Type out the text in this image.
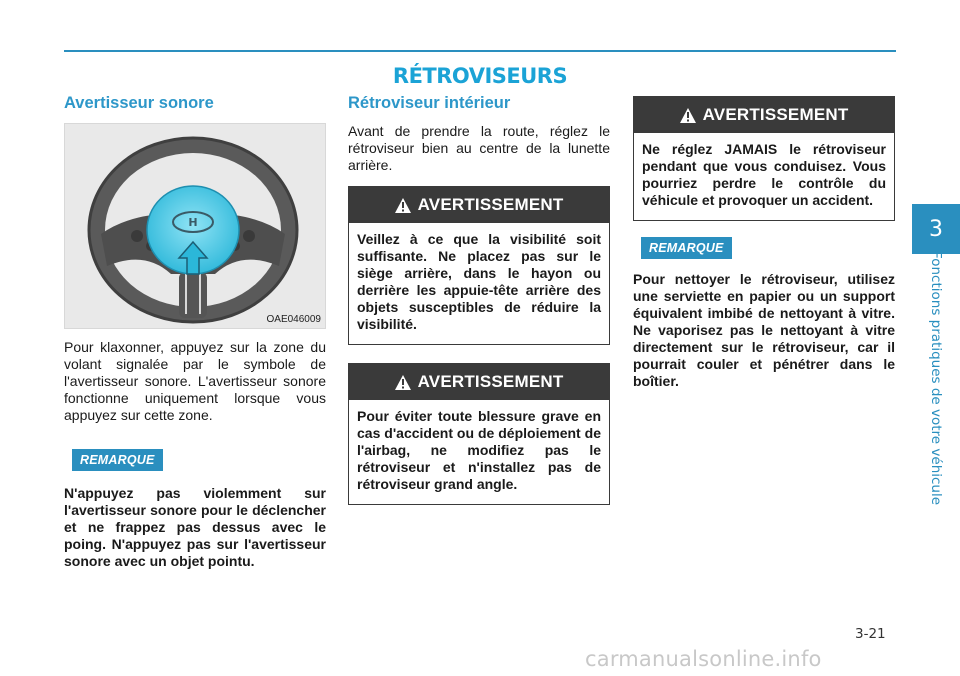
RÉTROVISEURS
Avertisseur sonore
H
OAE046009
Pour klaxonner, appuyez sur la zone du volant signalée par le symbole de l'avertisseur sonore. L'avertisseur sonore fonctionne uniquement lorsque vous appuyez sur cette zone.
REMARQUE
N'appuyez pas violemment sur l'avertisseur sonore pour le déclencher et ne frappez pas dessus avec le poing. N'appuyez pas sur l'avertisseur sonore avec un objet pointu.
Rétroviseur intérieur
Avant de prendre la route, réglez le rétroviseur bien au centre de la lunette arrière.
AVERTISSEMENT
Veillez à ce que la visibilité soit suffisante. Ne placez pas sur le siège arrière, dans le hayon ou derrière les appuie-tête arrière des objets susceptibles de réduire la visibilité.
AVERTISSEMENT
Pour éviter toute blessure grave en cas d'accident ou de déploiement de l'airbag, ne modifiez pas le rétroviseur et n'installez pas de rétroviseur grand angle.
AVERTISSEMENT
Ne réglez JAMAIS le rétroviseur pendant que vous conduisez. Vous pourriez perdre le contrôle du véhicule et provoquer un accident.
REMARQUE
Pour nettoyer le rétroviseur, utilisez une serviette en papier ou un support équivalent imbibé de nettoyant à vitre. Ne vaporisez pas le nettoyant à vitre directement sur le rétroviseur, car il pourrait couler et pénétrer dans le boîtier.
3
Fonctions pratiques de votre véhicule
3-21
carmanualsonline.info
